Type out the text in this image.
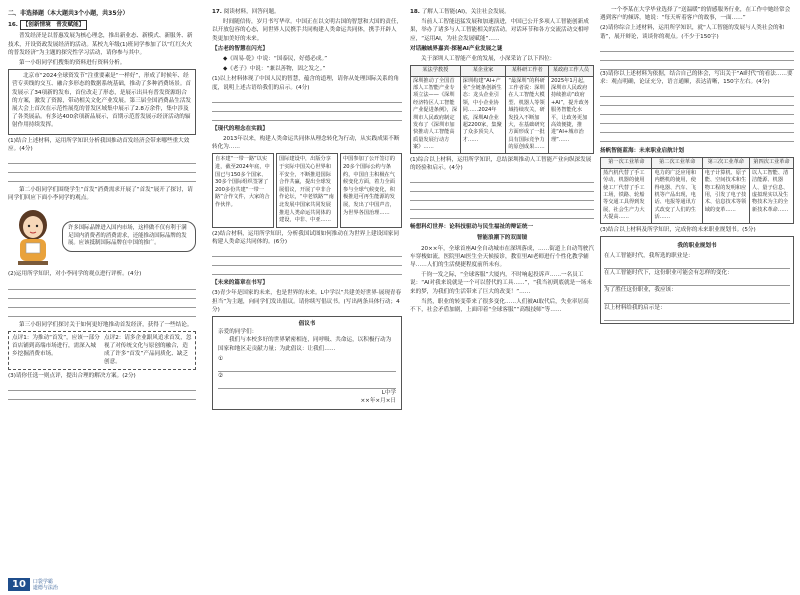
二、非选择题（本大题共3个小题，共35分）
16. 【创新情境　普发赋能】

普发经济是以普惠发展为核心理念，推出新业态、新模式、新服务、新技术，开设资政发展经济的活动。某校九年级(1)班同学参加了以“红红火火的普发经济”为主题的探究性学习活动，请你参与其中。

第一小组同学们搜集的资料进行资料分析。

北京市“2024全球资发节”注重要素是“一样好”，形成了时候年、经营专卖线的交互、融合多形态的数据系统基础，推动了多种消费场景。首发展示了34项新的发布，首位改走了形态，是展示出具有普发资源组合的方案，激发了资源，带动相关文化产业发展。第三届全国消费品生活发展大会上首次在示范性展览的普发区域集中展示了2.8万余件，集中涉及了各类展品。有多达400余项新品展示，首期示范普发展示经济活动的辐射作用持续发挥。

(1)结合上述材料，运用所学知识分析我国推动首发经济会带来哪些重大效应。(4分)

第二小组同学们围绕学生“首发”消费需求开展了“首发”展开了探讨，请同学们回应下面小李同学的观点。

许多国际品牌进入国内市场，这样做不仅有利于满足国内消费者的消费需求，还能推动国际品牌的发展。应该抵制国际品牌在中国的推广。

(2)运用所学知识，对小李同学的观点进行评析。(4分)

第三小组同学们探讨关于如何更好地推动首发经济，获得了一些结论。

点评1：为推动“首发”，应该一部分首店铺到高端市场进行，需深入城乡挖掘消费市场。
点评2：请多企业跟风追求首发，忽视了对传统文化与原创的融合，造成了许多“首发”产品同质化、缺乏创意。

(3)请你任选一则点评，提出合理的解决方案。(2分)

17. 阅读材料，回答问题。

时间随信传，岁月书写华章。中国正在以文明古国的智慧和大国的责任，以开放包容的心态，同世界人民携手共同构建人类命运共同体，携手开辟人类更加美好的未来。

【古老的智慧在闪光】

◆《周易·乾》中说：“国泰民，好德必成。”

◆《老子》中说：“兼以善物，固之发之。”

(1)以上材料体现了中国人民的智慧，蕴含的道理，请你从处理国际关系的角度，说明上述古语给我们的启示。(4分)

【现代的理念在实践】

2013年以来，构建人类命运共同体从理念转化为行动，从实践成果不断转化为……

自本建“一带一路”以实进，截至2024年底，中国已与150多个国家、30多个国际组织签署了200多份共建“一带一路”合作文件，大家的合作伙伴。
国际建设中，出版分享于实际中国关心世界和平安全，不断推进国际合作共赢，提出全球发展倡议，开展了中非合作论坛，“中老铁路”“南北发展中国家共同发展推进人类命运共同体的建设，中非、中亚……
中国参加了公开签订的20多个国际公约与条约，中国自主积极在气候变化方面，着力全面参与全球气候变化，积极推进可再生能源的发展，发出了中国声音，为世界各国治理……

(2)结合材料，运用所学知识，分析我国试图如何推动在为世界上建设国家同构建人类命运共同体的。(6分)

【未来的篇章在书写】

(3)青少年是国家的未来，也是世界的未来。L中学以“共建美好世界·展现青春担当”为主题，向同学们发出倡议。请你续写倡议书。(写出两条具体行动；4分)

倡议书
亲爱的同学们：

我们与本校多好的世界紧密相连，同呼吸、共命运，以积极行动为国家和地区走贡献力量；为此倡议：让我们……

①
②
L中学
××年×月×日
18. 了解人工智能(AI)，关注社会发展。

当前人工智能迅猛发展和加速演进，中国已公开多项人工智能创新成果，举办了诸多与人工智能相关的活动。对话环节和各方交流活动交相呼应，“运用AI，为社会发展赋能”……

对话融城界嘉宾·探秘AI产业发展之谜

关于深圳人工智能产业的发展，小深采访了以下四位：

某法学教授	某企业家	某科研工作者	某政府工作人员
深圳推动了全国首部人工智能产业专项立法——《深圳经济特区人工智能产业促进条例》，深圳市人民政府制定发布了《深圳市加快推动人工智能高质量发展行动方案》……	深圳构建“AI+产业”全链条创新生态：龙头企业引领，中小企业协同……2024年底，深圳AI企业超2200家，集聚了众多顶尖人才……	“最深圳”的科研工作者说：深圳在人工智能大模型、机器人等领域持续攻关，研发投入不断加大，在基础研究方面形成了一批具有国际竞争力的原创成果……	2025年1月起，深圳市人民政府持续推动“政府+AI”，提升政务服务智能化水平，让政务更加高效便捷，推进“AI+城市治理”……

(1)综合以上材料，运用所学知识，总结深圳推动人工智能产业向纵深发展的经验和启示。(4分)

畅想科幻世界：论科技驱动与民生福祉的辩证统一
智能浪潮下的双面镜

20××年，全球首座AI全自动城市在深圳落成，……街道上自动驾驶汽车穿梭如流，医院里AI医生全天候接诊，教室里AI老师进行个性化教学辅导……人们的生活便捷程度前所未有。

千钧一发之际，“全球客服”大厦内，不时响起投诉声……一名员工说：“AI对我来说就是一个可以替代的工具……”，“我当初到底就是一场未来的梦，为我们的生活带来了巨大的改变！”……

当然，职业的转变带来了很多变化……人们被AI取代后，失业率居高不下，社会矛盾加剧，上面印着“全球客服”“高级技师”等……

一个李某在大学毕业选择了“送温暖”的情感服务行业，在工作中她经常会遇到客户的倾诉，她说：“每天听着客户的故事，一面……”

(2)请你综合上述材料，运用所学知识，就“人工智能的发展与人类社会的和谐”，展开辩论，谈谈你的观点。(不少于150字)

(3)请你以上述材料为依据，结合自己的体会，写出关于“AI时代”的看法……要求：观点明确，论证充分，语言通顺，表达清晰，150字左右。(4分)

扬帆智能蓝海：未来职业启航计划
第一次工业革命	第二次工业革命	第三次工业革命	第四次工业革命
蒸汽机代替了手工劳动，机器的使用使工厂代替了手工工场，铁路、轮船等交通工具得到发展，社会生产力大大提高……	电力的广泛应用和内燃机的使用，使得电器、汽车、飞机等产品出现，电话、电报等通讯方式改变了人们的生活……	电子计算机、原子能、空间技术和生物工程的发明和应用，引发了电子技术、信息技术等领域的变革……	以人工智能、清洁能源、机器人、量子信息、虚拟现实以及生物技术为主的全新技术革命……

(3)结合以上材料及所学知识，完成你的未来职业规划书。(5分)

我的职业规划书
在人工智能时代，我所选的职业是：
在人工智能时代下，这份职业可能会有怎样的变化：
为了胜任这份职业，我应该：
以上材料给我的启示是：
10	口袋学霸
道德与法治
